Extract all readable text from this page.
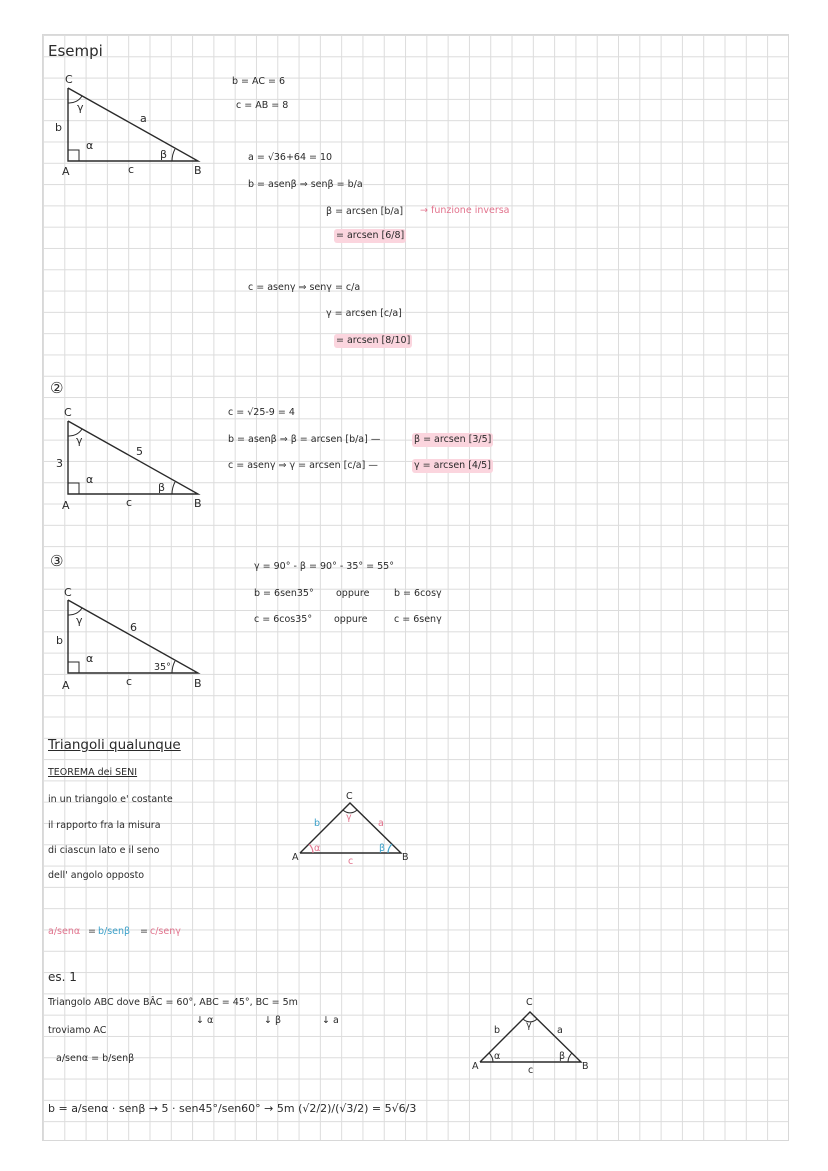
Esempi
C
γ
a
b
α
β
A	c	B
b = AC = 6
c = AB = 8
a = √36+64 = 10
b = asenβ ⇒ senβ = b/a
β = arcsen [b/a] → funzione inversa
= arcsen [6/8]
c = asenγ ⇒ senγ = c/a
γ = arcsen [c/a]
= arcsen [8/10]
②
C
γ
5
3
α
β
A	c	B
c = √25-9 = 4
b = asenβ ⇒ β = arcsen [b/a] —	β = arcsen [3/5]
c = asenγ ⇒ γ = arcsen [c/a] —	γ = arcsen [4/5]
③
C
γ
6
b
α
35°
A	c	B
γ = 90° - β = 90° - 35° = 55°
b = 6sen35° oppure	b = 6cosγ
c = 6cos35° oppure	c = 6senγ
Triangoli qualunque
TEOREMA dei SENI
in un triangolo e' costante
il rapporto fra la misura
di ciascun lato e il seno
dell' angolo opposto
C
γ
b	a
α	β
A	c	B
a/senα = b/senβ = c/senγ
es. 1
Triangolo ABC dove BÂC = 60°, ABC = 45°, BC = 5m
↓ α	↓ β	↓ a
troviamo AC
a/senα = b/senβ
b = a/senα · senβ → 5 · sen45°/sen60° → 5m (√2/2)/(√3/2) = 5√6/3
C
γ
b	a
α	β
A	c	B
